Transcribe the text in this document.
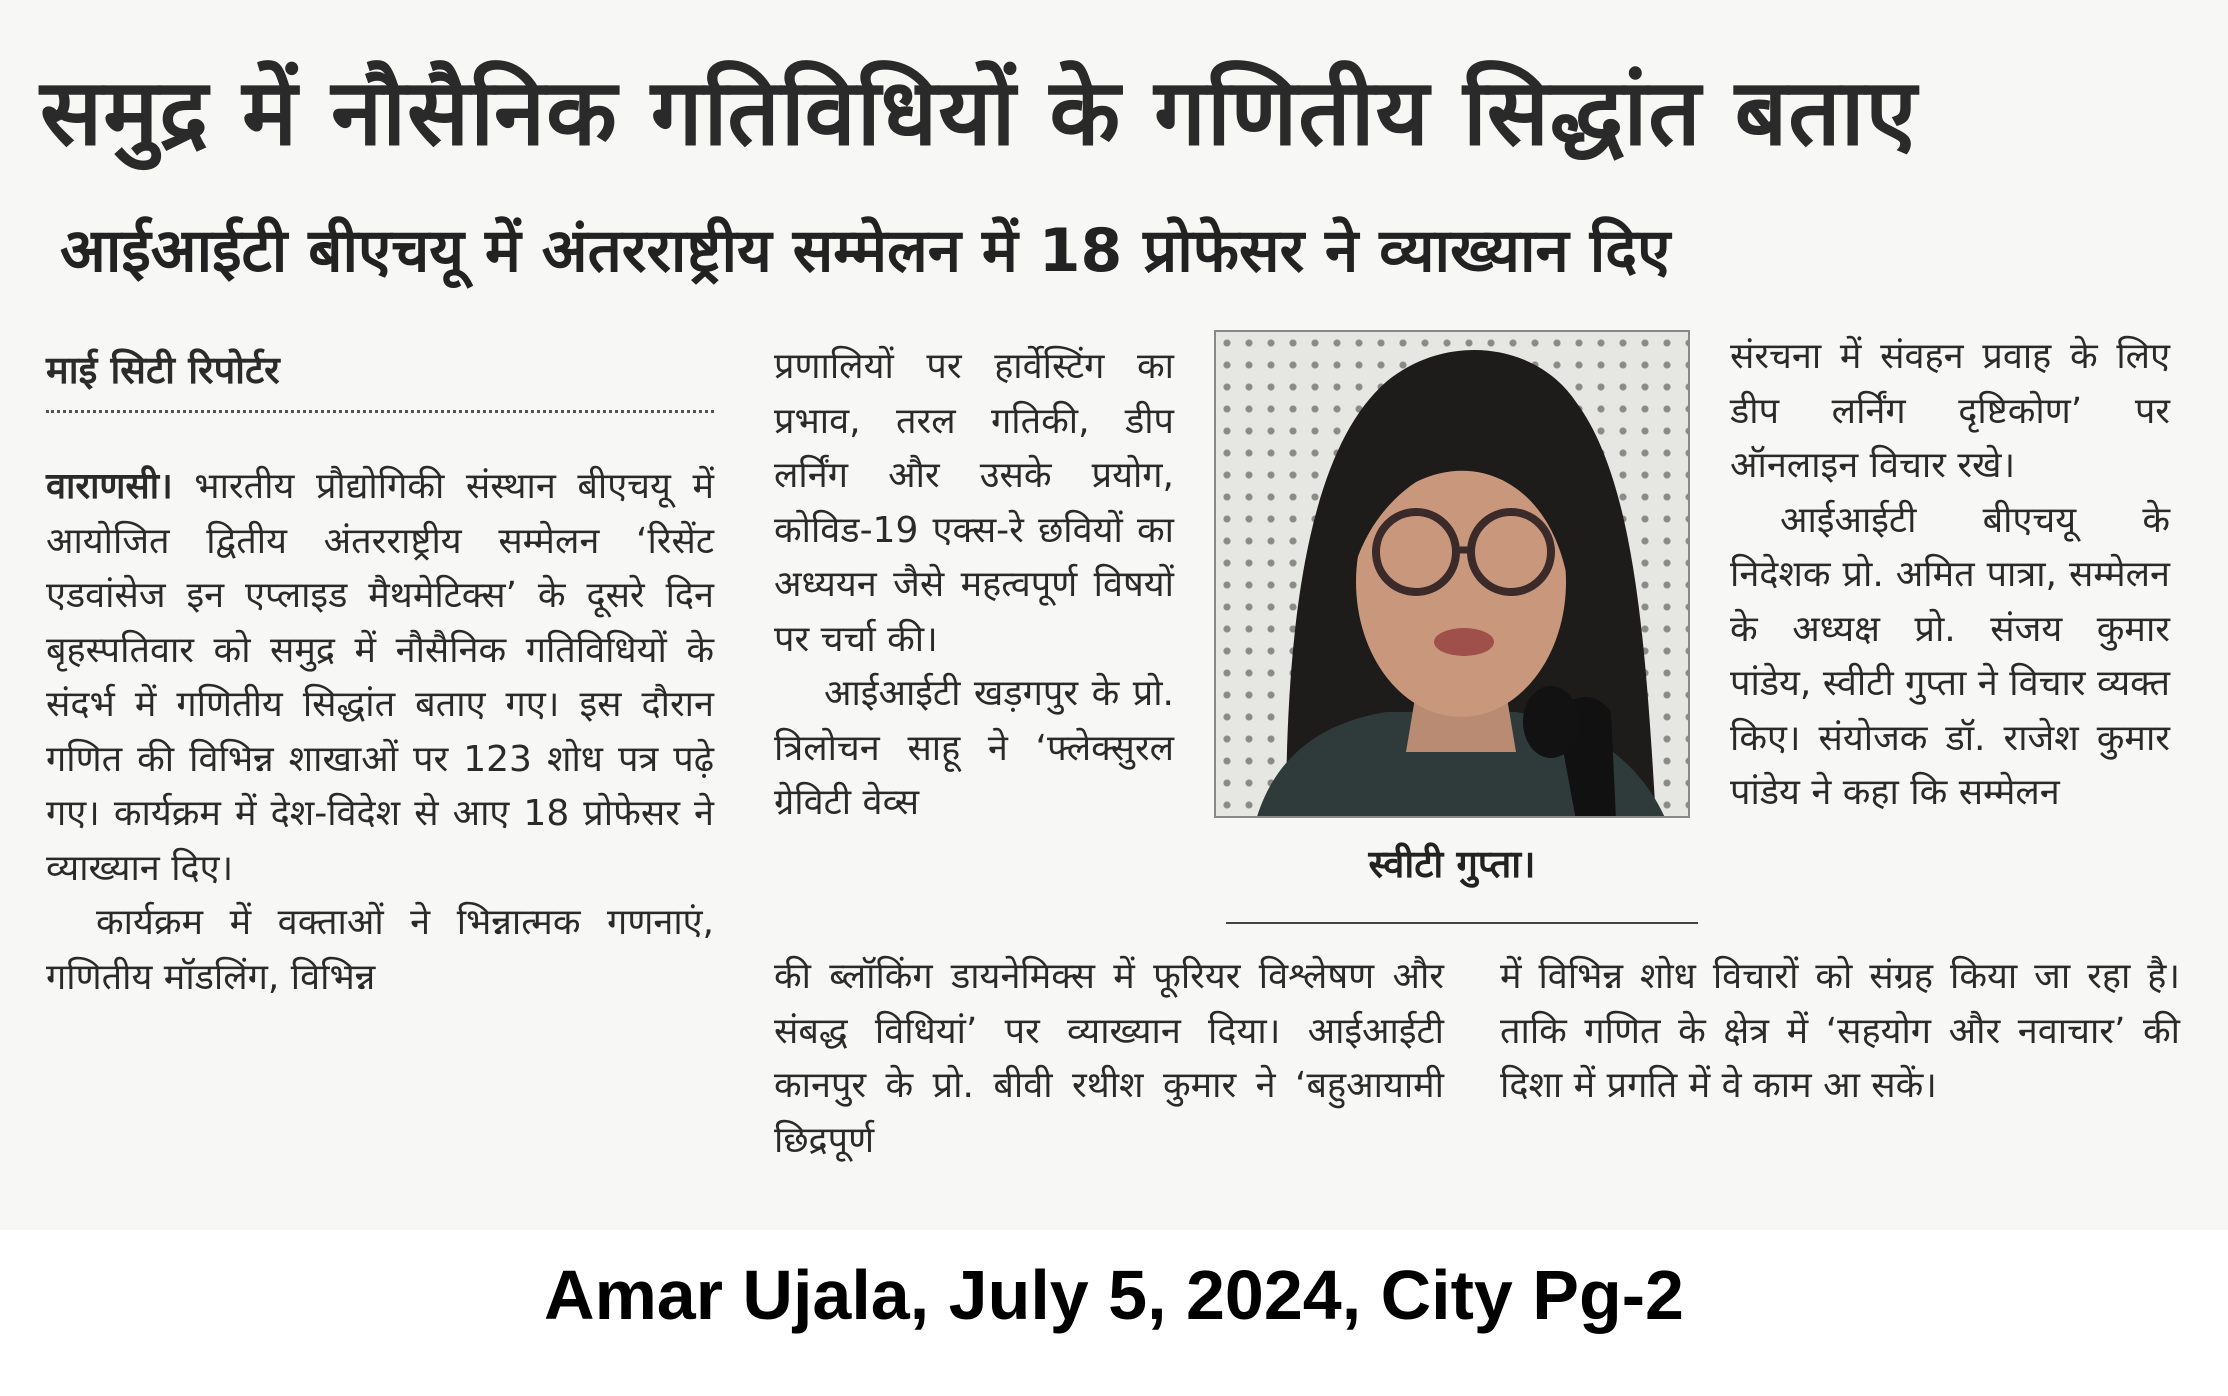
समुद्र में नौसैनिक गतिविधियों के गणितीय सिद्धांत बताए
आईआईटी बीएचयू में अंतरराष्ट्रीय सम्मेलन में 18 प्रोफेसर ने व्याख्यान दिए
माई सिटी रिपोर्टर

वाराणसी। भारतीय प्रौद्योगिकी संस्थान बीएचयू में आयोजित द्वितीय अंतरराष्ट्रीय सम्मेलन ‘रिसेंट एडवांसेज इन एप्लाइड मैथमेटिक्स’ के दूसरे दिन बृहस्पतिवार को समुद्र में नौसैनिक गतिविधियों के संदर्भ में गणितीय सिद्धांत बताए गए। इस दौरान गणित की विभिन्न शाखाओं पर 123 शोध पत्र पढ़े गए। कार्यक्रम में देश-विदेश से आए 18 प्रोफेसर ने व्याख्यान दिए।

कार्यक्रम में वक्ताओं ने भिन्नात्मक गणनाएं, गणितीय मॉडलिंग, विभिन्न

प्रणालियों पर हार्वेस्टिंग का प्रभाव, तरल गतिकी, डीप लर्निंग और उसके प्रयोग, कोविड-19 एक्स-रे छवियों का अध्ययन जैसे महत्वपूर्ण विषयों पर चर्चा की।

आईआईटी खड़गपुर के प्रो. त्रिलोचन साहू ने ‘फ्लेक्सुरल ग्रेविटी वेव्स

स्वीटी गुप्ता।

की ब्लॉकिंग डायनेमिक्स में फूरियर विश्लेषण और संबद्ध विधियां’ पर व्याख्यान दिया। आईआईटी कानपुर के प्रो. बीवी रथीश कुमार ने ‘बहुआयामी छिद्रपूर्ण

संरचना में संवहन प्रवाह के लिए डीप लर्निंग दृष्टिकोण’ पर ऑनलाइन विचार रखे।

आईआईटी बीएचयू के निदेशक प्रो. अमित पात्रा, सम्मेलन के अध्यक्ष प्रो. संजय कुमार पांडेय, स्वीटी गुप्ता ने विचार व्यक्त किए। संयोजक डॉ. राजेश कुमार पांडेय ने कहा कि सम्मेलन

में विभिन्न शोध विचारों को संग्रह किया जा रहा है। ताकि गणित के क्षेत्र में ‘सहयोग और नवाचार’ की दिशा में प्रगति में वे काम आ सकें।

Amar Ujala, July 5, 2024, City Pg-2
